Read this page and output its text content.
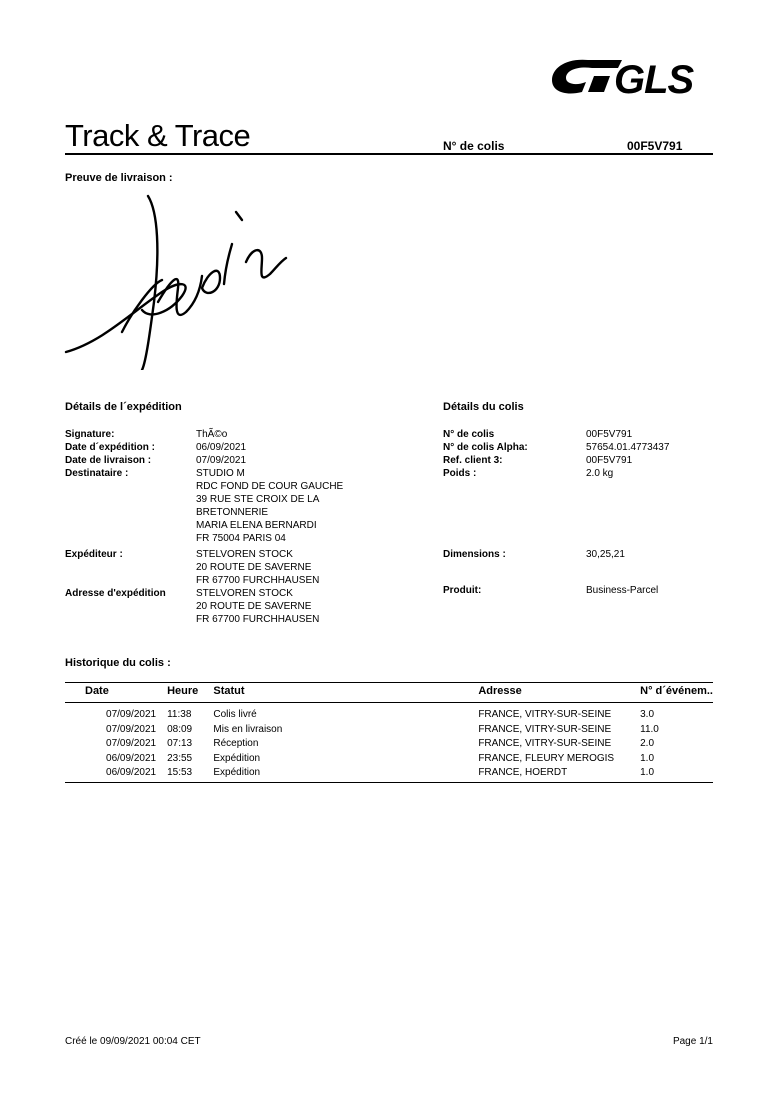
GLS
Track & Trace	N° de colis	00F5V791
Preuve de livraison :
Détails de l´expédition
Signature:	ThÃ©o
Date d´expédition :	06/09/2021
Date de livraison :	07/09/2021
Destinataire :	STUDIO M
RDC FOND DE COUR GAUCHE
39 RUE STE CROIX DE LA
BRETONNERIE
MARIA ELENA BERNARDI
FR 75004 PARIS 04
Expéditeur :	STELVOREN STOCK
20 ROUTE DE SAVERNE
FR 67700 FURCHHAUSEN
Adresse d'expédition	STELVOREN STOCK
20 ROUTE DE SAVERNE
FR 67700 FURCHHAUSEN
Détails du colis
N° de colis	00F5V791
N° de colis Alpha:	57654.01.4773437
Ref. client 3:	00F5V791
Poids :	2.0 kg
Dimensions :	30,25,21
Produit:	Business-Parcel
Historique du colis :
Date	Heure	Statut	Adresse	N° d´événem..
07/09/2021	11:38	Colis livré	FRANCE, VITRY-SUR-SEINE	3.0
07/09/2021	08:09	Mis en livraison	FRANCE, VITRY-SUR-SEINE	11.0
07/09/2021	07:13	Réception	FRANCE, VITRY-SUR-SEINE	2.0
06/09/2021	23:55	Expédition	FRANCE, FLEURY MEROGIS	1.0
06/09/2021	15:53	Expédition	FRANCE, HOERDT	1.0

Créé le 09/09/2021 00:04 CET	Page 1/1
